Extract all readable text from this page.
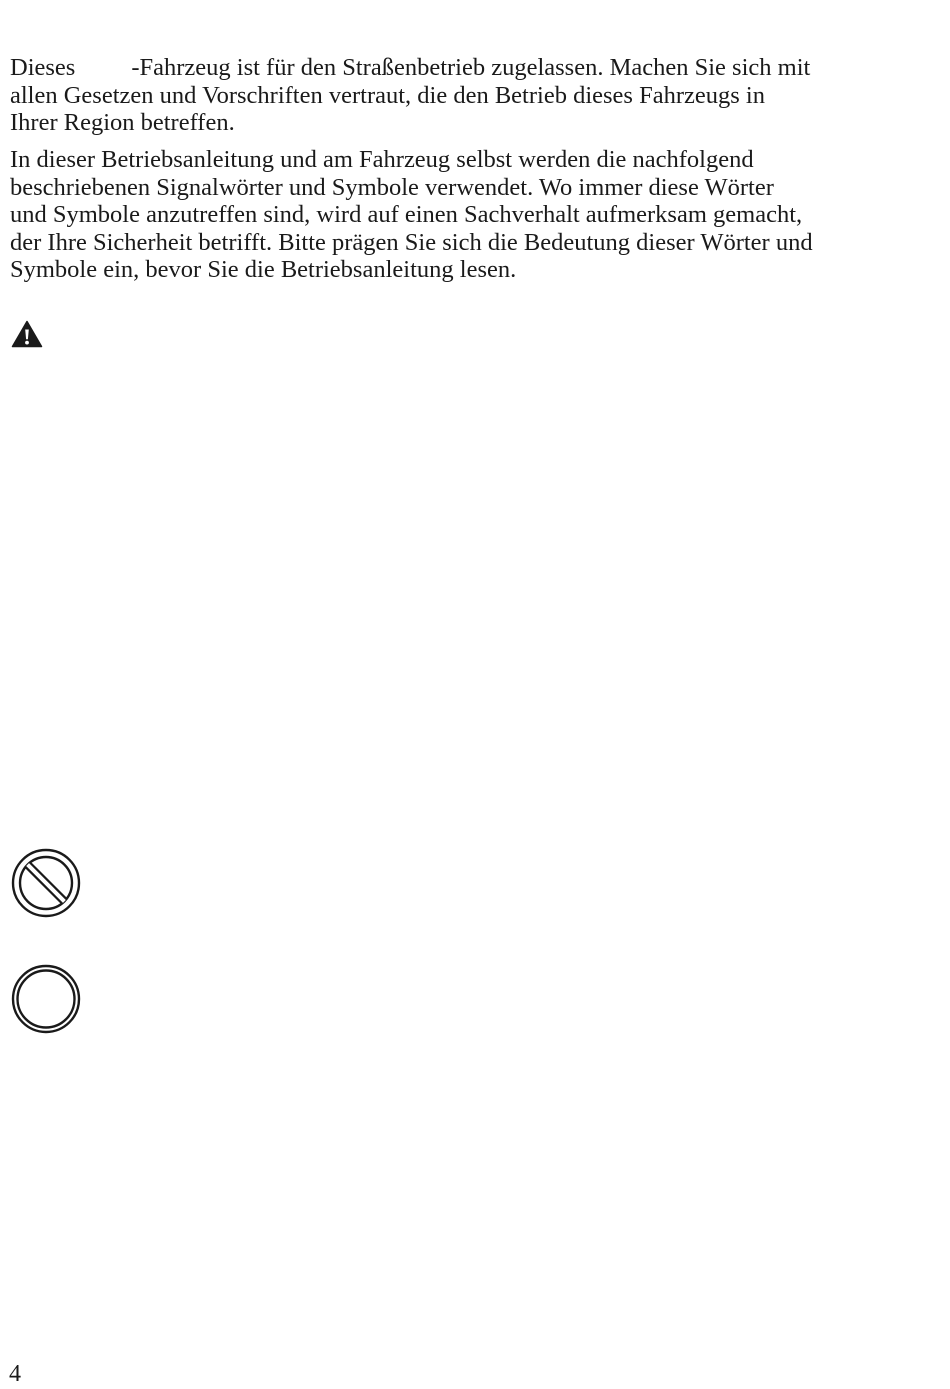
Dieses -Fahrzeug ist für den Straßenbetrieb zugelassen. Machen Sie sich mit
allen Gesetzen und Vorschriften vertraut, die den Betrieb dieses Fahrzeugs in
Ihrer Region betreffen.

In dieser Betriebsanleitung und am Fahrzeug selbst werden die nachfolgend
beschriebenen Signalwörter und Symbole verwendet. Wo immer diese Wörter
und Symbole anzutreffen sind, wird auf einen Sachverhalt aufmerksam gemacht,
der Ihre Sicherheit betrifft. Bitte prägen Sie sich die Bedeutung dieser Wörter und
Symbole ein, bevor Sie die Betriebsanleitung lesen.

4
